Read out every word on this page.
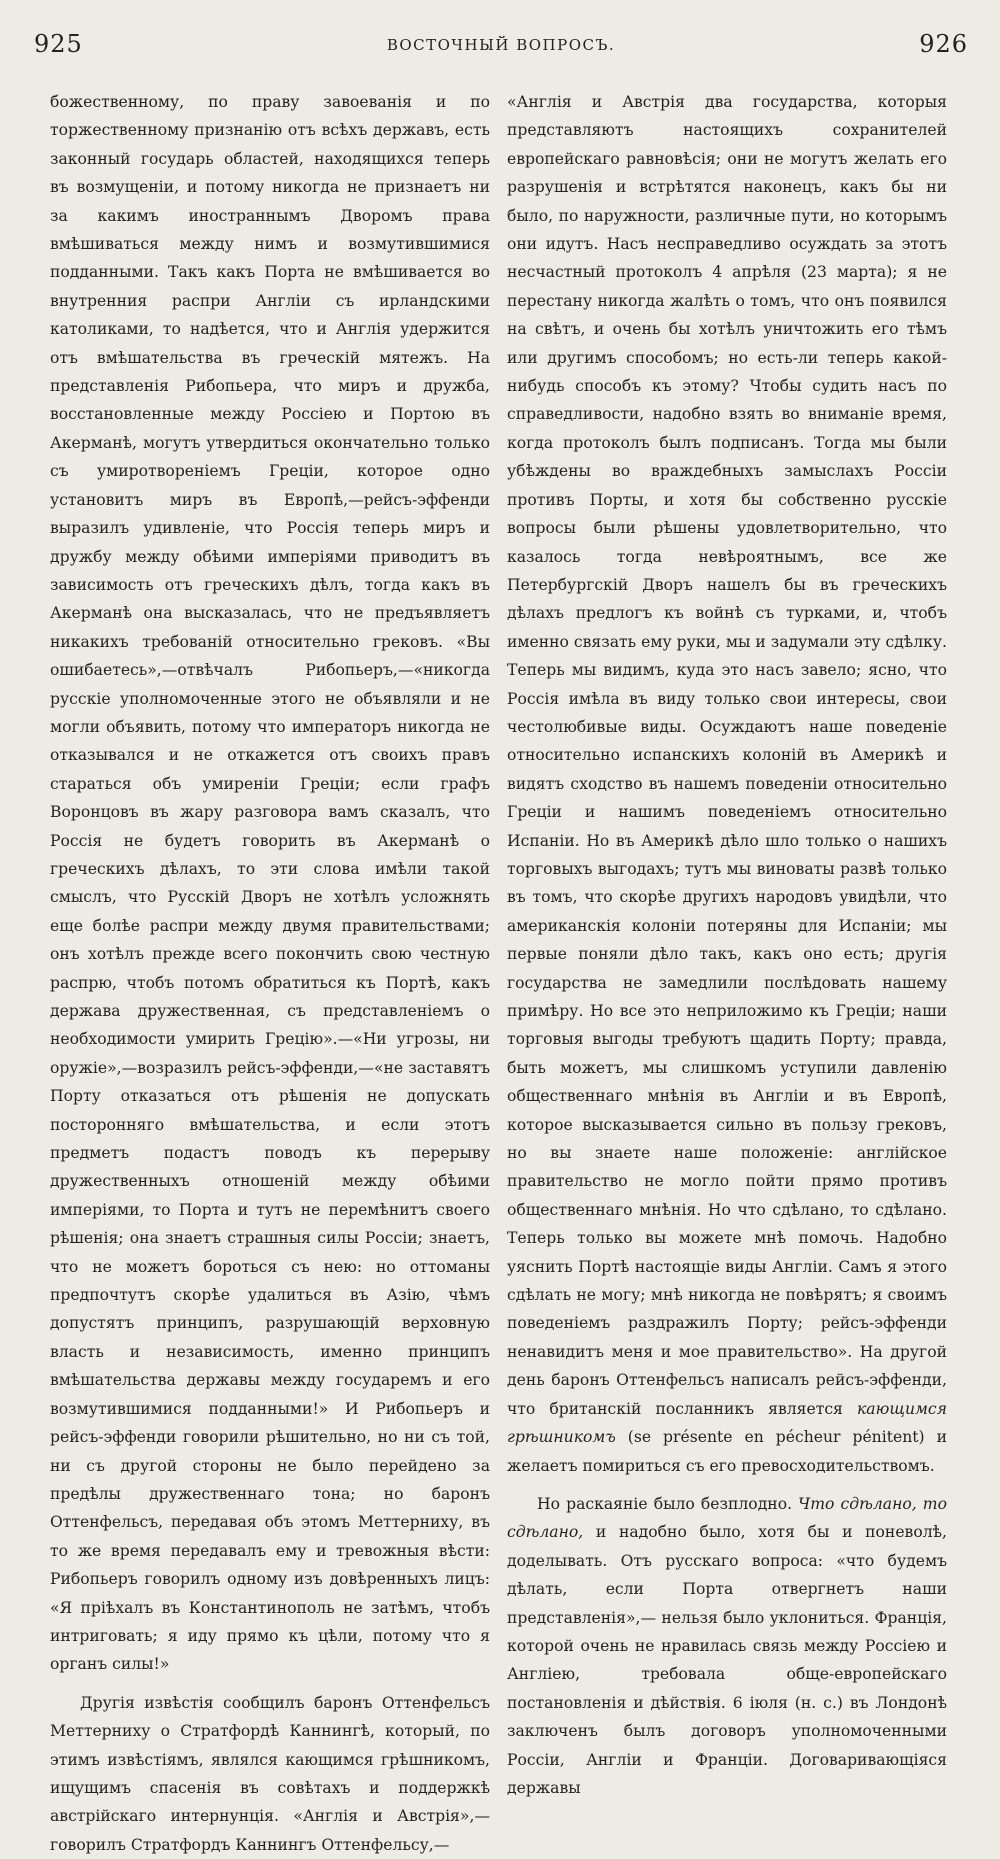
925	ВОСТОЧНЫЙ ВОПРОСЪ.	926

божественному, по праву завоеванія и по торжественному признанію отъ всѣхъ державъ, есть законный государь областей, находящихся теперь въ возмущеніи, и потому никогда не признаетъ ни за какимъ иностраннымъ Дворомъ права вмѣшиваться между нимъ и возмутившимися подданными. Такъ какъ Порта не вмѣшивается во внутренния распри Англіи съ ирландскими католиками, то надѣется, что и Англія удержится отъ вмѣшательства въ греческій мятежъ. На представленія Рибопьера, что миръ и дружба, восстановленные между Россіею и Портою въ Акерманѣ, могутъ утвердиться окончательно только съ умиротвореніемъ Греціи, которое одно установитъ миръ въ Европѣ,—рейсъ-эффенди выразилъ удивленіе, что Россія теперь миръ и дружбу между обѣими имперіями приводитъ въ зависимость отъ греческихъ дѣлъ, тогда какъ въ Акерманѣ она высказалась, что не предъявляетъ никакихъ требованій относительно грековъ. «Вы ошибаетесь»,—отвѣчалъ Рибопьеръ,—«никогда русскіе уполномоченные этого не объявляли и не могли объявить, потому что императоръ никогда не отказывался и не откажется отъ своихъ правъ стараться объ умиреніи Греціи; если графъ Воронцовъ въ жару разговора вамъ сказалъ, что Россія не будетъ говорить въ Акерманѣ о греческихъ дѣлахъ, то эти слова имѣли такой смыслъ, что Русскій Дворъ не хотѣлъ усложнять еще болѣе распри между двумя правительствами; онъ хотѣлъ прежде всего покончить свою честную распрю, чтобъ потомъ обратиться къ Портѣ, какъ держава дружественная, съ представленіемъ о необходимости умирить Грецію».—«Ни угрозы, ни оружіе»,—возразилъ рейсъ-эффенди,—«не заставятъ Порту отказаться отъ рѣшенія не допускать посторонняго вмѣшательства, и если этотъ предметъ подастъ поводъ къ перерыву дружественныхъ отношеній между обѣими имперіями, то Порта и тутъ не перемѣнитъ своего рѣшенія; она знаетъ страшныя силы Россіи; знаетъ, что не можетъ бороться съ нею: но оттоманы предпочтутъ скорѣе удалиться въ Азію, чѣмъ допустятъ принципъ, разрушающій верховную власть и независимость, именно принципъ вмѣшательства державы между государемъ и его возмутившимися подданными!» И Рибопьеръ и рейсъ-эффенди говорили рѣшительно, но ни съ той, ни съ другой стороны не было перейдено за предѣлы дружественнаго тона; но баронъ Оттенфельсъ, передавая объ этомъ Меттерниху, въ то же время передавалъ ему и тревожныя вѣсти: Рибопьеръ говорилъ одному изъ довѣренныхъ лицъ: «Я пріѣхалъ въ Константинополь не затѣмъ, чтобъ интриговать; я иду прямо къ цѣли, потому что я органъ силы!»

Другія извѣстія сообщилъ баронъ Оттенфельсъ Меттерниху о Стратфордѣ Каннингѣ, который, по этимъ извѣстіямъ, являлся кающимся грѣшникомъ, ищущимъ спасенія въ совѣтахъ и поддержкѣ австрійскаго интернунція. «Англія и Австрія»,—говорилъ Стратфордъ Каннингъ Оттенфельсу,—

«Англія и Австрія два государства, которыя представляютъ настоящихъ сохранителей европейскаго равновѣсія; они не могутъ желать его разрушенія и встрѣтятся наконецъ, какъ бы ни было, по наружности, различные пути, но которымъ они идутъ. Насъ несправедливо осуждать за этотъ несчастный протоколъ 4 апрѣля (23 марта); я не перестану никогда жалѣть о томъ, что онъ появился на свѣтъ, и очень бы хотѣлъ уничтожить его тѣмъ или другимъ способомъ; но есть-ли теперь какой-нибудь способъ къ этому? Чтобы судить насъ по справедливости, надобно взять во вниманіе время, когда протоколъ былъ подписанъ. Тогда мы были убѣждены во враждебныхъ замыслахъ Россіи противъ Порты, и хотя бы собственно русскіе вопросы были рѣшены удовлетворительно, что казалось тогда невѣроятнымъ, все же Петербургскій Дворъ нашелъ бы въ греческихъ дѣлахъ предлогъ къ войнѣ съ турками, и, чтобъ именно связать ему руки, мы и задумали эту сдѣлку. Теперь мы видимъ, куда это насъ завело; ясно, что Россія имѣла въ виду только свои интересы, свои честолюбивые виды. Осуждаютъ наше поведеніе относительно испанскихъ колоній въ Америкѣ и видятъ сходство въ нашемъ поведеніи относительно Греціи и нашимъ поведеніемъ относительно Испаніи. Но въ Америкѣ дѣло шло только о нашихъ торговыхъ выгодахъ; тутъ мы виноваты развѣ только въ томъ, что скорѣе другихъ народовъ увидѣли, что американскія колоніи потеряны для Испаніи; мы первые поняли дѣло такъ, какъ оно есть; другія государства не замедлили послѣдовать нашему примѣру. Но все это неприложимо къ Греціи; наши торговыя выгоды требуютъ щадить Порту; правда, быть можетъ, мы слишкомъ уступили давленію общественнаго мнѣнія въ Англіи и въ Европѣ, которое высказывается сильно въ пользу грековъ, но вы знаете наше положеніе: англійское правительство не могло пойти прямо противъ общественнаго мнѣнія. Но что сдѣлано, то сдѣлано. Теперь только вы можете мнѣ помочь. Надобно уяснить Портѣ настоящіе виды Англіи. Самъ я этого сдѣлать не могу; мнѣ никогда не повѣрятъ; я своимъ поведеніемъ раздражилъ Порту; рейсъ-эффенди ненавидитъ меня и мое правительство». На другой день баронъ Оттенфельсъ написалъ рейсъ-эффенди, что британскій посланникъ является кающимся грѣшникомъ (se présente en pécheur pénitent) и желаетъ помириться съ его превосходительствомъ.

Но раскаяніе было безплодно. Что сдѣлано, то сдѣлано, и надобно было, хотя бы и поневолѣ, доделывать. Отъ русскаго вопроса: «что будемъ дѣлать, если Порта отвергнетъ наши представленія»,— нельзя было уклониться. Франція, которой очень не нравилась связь между Россіею и Англіею, требовала обще-европейскаго постановленія и дѣйствія. 6 іюля (н. с.) въ Лондонѣ заключенъ былъ договоръ уполномоченными Россіи, Англіи и Франціи. Договаривающіяся державы
